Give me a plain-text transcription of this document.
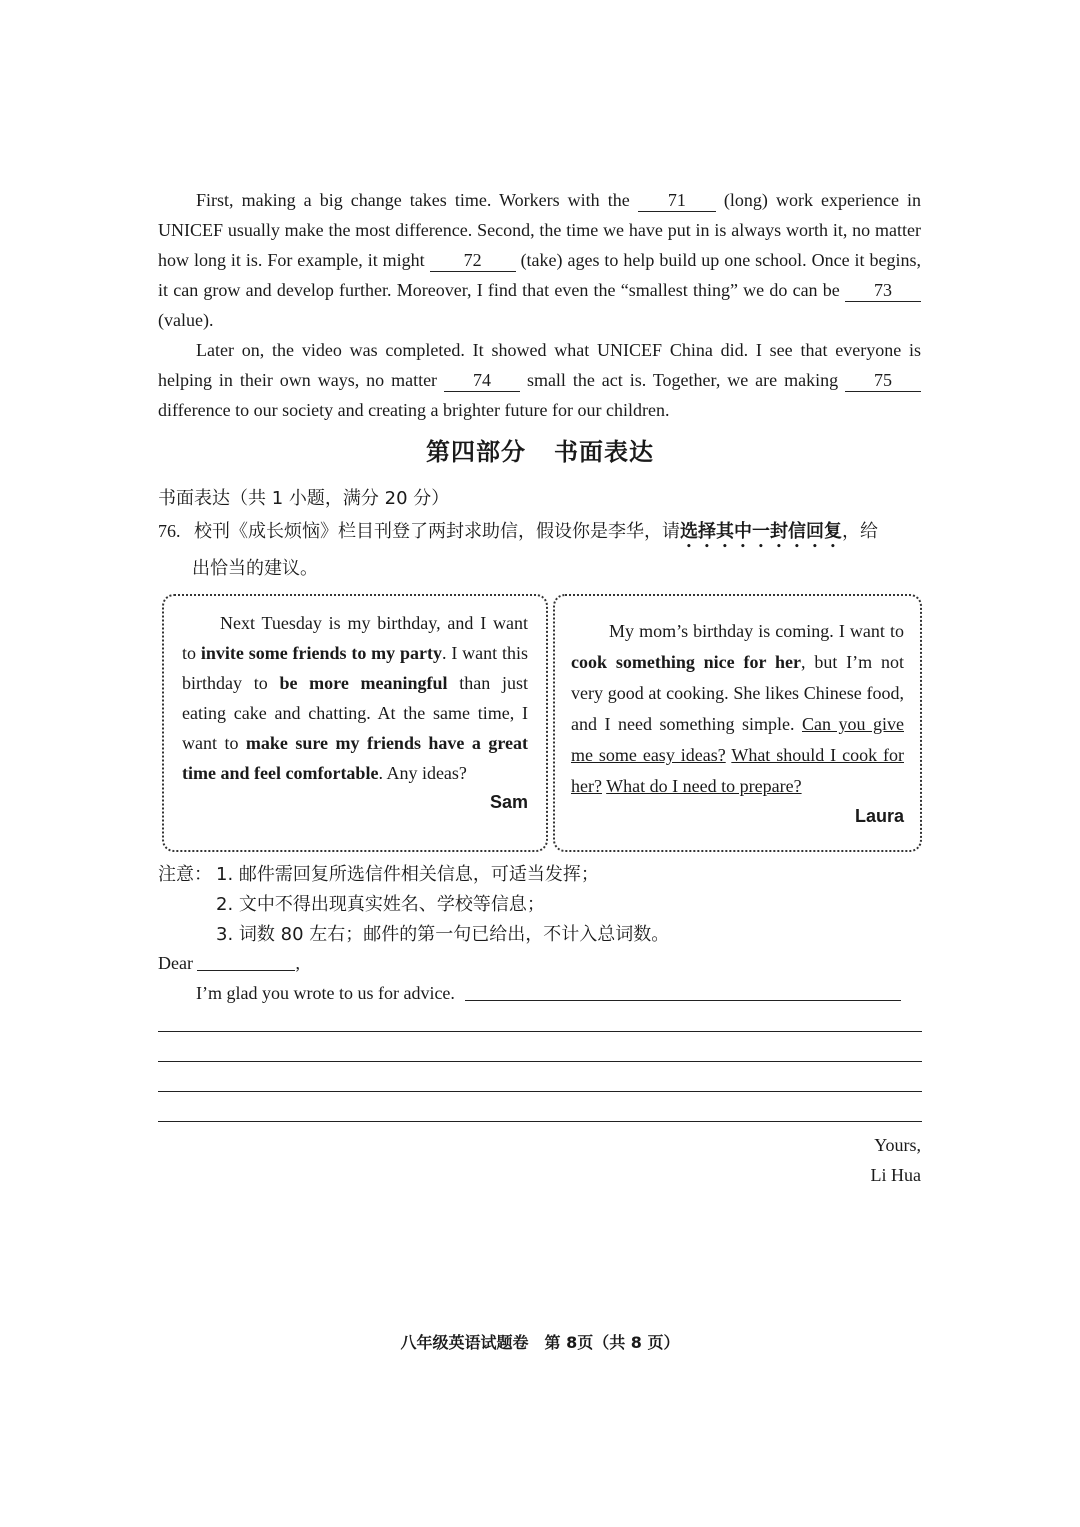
First, making a big change takes time. Workers with the 71 (long) work experience in UNICEF usually make the most difference. Second, the time we have put in is always worth it, no matter how long it is. For example, it might 72 (take) ages to help build up one school. Once it begins, it can grow and develop further. Moreover, I find that even the “smallest thing” we do can be 73 (value).
Later on, the video was completed. It showed what UNICEF China did. I see that everyone is helping in their own ways, no matter 74 small the act is. Together, we are making 75 difference to our society and creating a brighter future for our children.
第四部分 书面表达
书面表达（共 1 小题，满分 20 分）
76. 校刊《成长烦恼》栏目刊登了两封求助信，假设你是李华，请选择其中一封信回复，给
出恰当的建议。
Next Tuesday is my birthday, and I want to invite some friends to my party. I want this birthday to be more meaningful than just eating cake and chatting. At the same time, I want to make sure my friends have a great time and feel comfortable. Any ideas?
Sam
My mom’s birthday is coming. I want to cook something nice for her, but I’m not very good at cooking. She likes Chinese food, and I need something simple. Can you give me some easy ideas? What should I cook for her? What do I need to prepare?
Laura
注意： 1. 邮件需回复所选信件相关信息，可适当发挥；
2. 文中不得出现真实姓名、学校等信息；
3. 词数 80 左右；邮件的第一句已给出，不计入总词数。
Dear	,
I’m glad you wrote to us for advice.
Yours,
Li Hua
八年级英语试题卷　第 8页（共 8 页）
